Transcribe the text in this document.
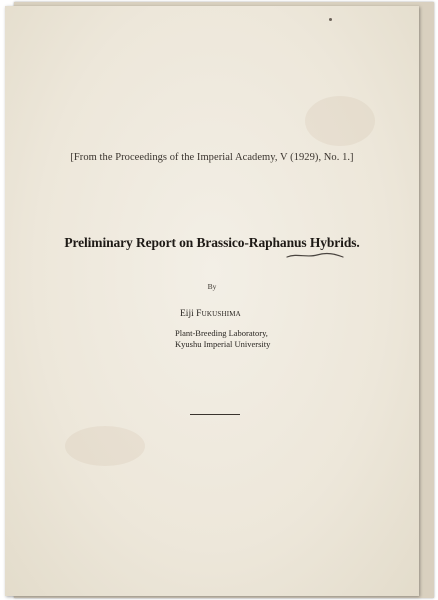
[From the Proceedings of the Imperial Academy, V (1929), No. 1.]
Preliminary Report on Brassico-Raphanus Hybrids.
By
Eiji Fukushima
Plant-Breeding Laboratory,
Kyushu Imperial University
